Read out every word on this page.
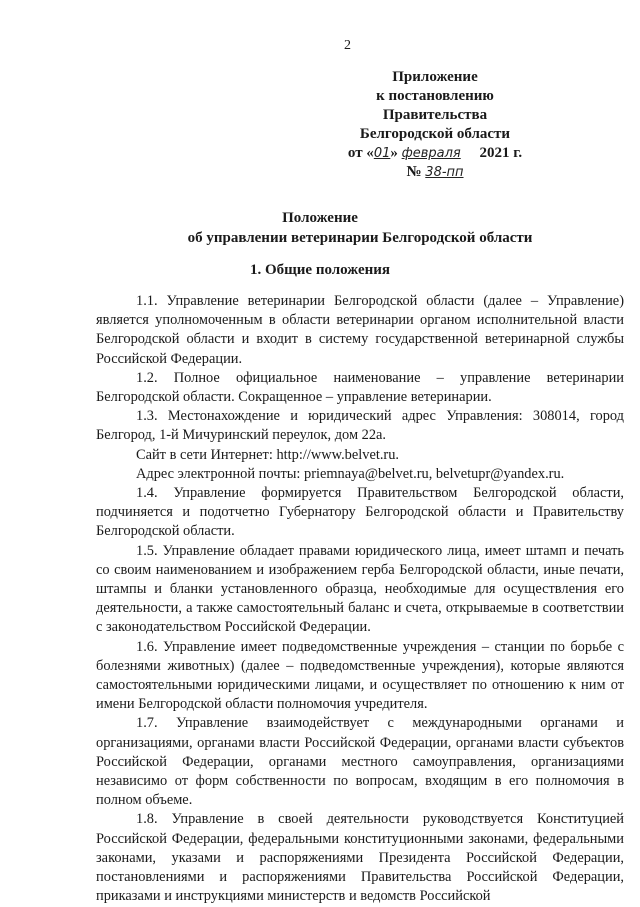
2
Приложение
к постановлению Правительства
Белгородской области
от «01» февраля 2021 г.
№ 38-пп
Положение
об управлении ветеринарии Белгородской области
1. Общие положения

1.1. Управление ветеринарии Белгородской области (далее – Управление) является уполномоченным в области ветеринарии органом исполнительной власти Белгородской области и входит в систему государственной ветеринарной службы Российской Федерации.

1.2. Полное официальное наименование – управление ветеринарии Белгородской области. Сокращенное – управление ветеринарии.

1.3. Местонахождение и юридический адрес Управления: 308014, город Белгород, 1-й Мичуринский переулок, дом 22а.

Сайт в сети Интернет: http://www.belvet.ru.

Адрес электронной почты: priemnaya@belvet.ru, belvetupr@yandex.ru.

1.4. Управление формируется Правительством Белгородской области, подчиняется и подотчетно Губернатору Белгородской области и Правительству Белгородской области.

1.5. Управление обладает правами юридического лица, имеет штамп и печать со своим наименованием и изображением герба Белгородской области, иные печати, штампы и бланки установленного образца, необходимые для осуществления его деятельности, а также самостоятельный баланс и счета, открываемые в соответствии с законодательством Российской Федерации.

1.6. Управление имеет подведомственные учреждения – станции по борьбе с болезнями животных) (далее – подведомственные учреждения), которые являются самостоятельными юридическими лицами, и осуществляет по отношению к ним от имени Белгородской области полномочия учредителя.

1.7. Управление взаимодействует с международными органами и организациями, органами власти Российской Федерации, органами власти субъектов Российской Федерации, органами местного самоуправления, организациями независимо от форм собственности по вопросам, входящим в его полномочия в полном объеме.

1.8. Управление в своей деятельности руководствуется Конституцией Российской Федерации, федеральными конституционными законами, федеральными законами, указами и распоряжениями Президента Российской Федерации, постановлениями и распоряжениями Правительства Российской Федерации, приказами и инструкциями министерств и ведомств Российской
